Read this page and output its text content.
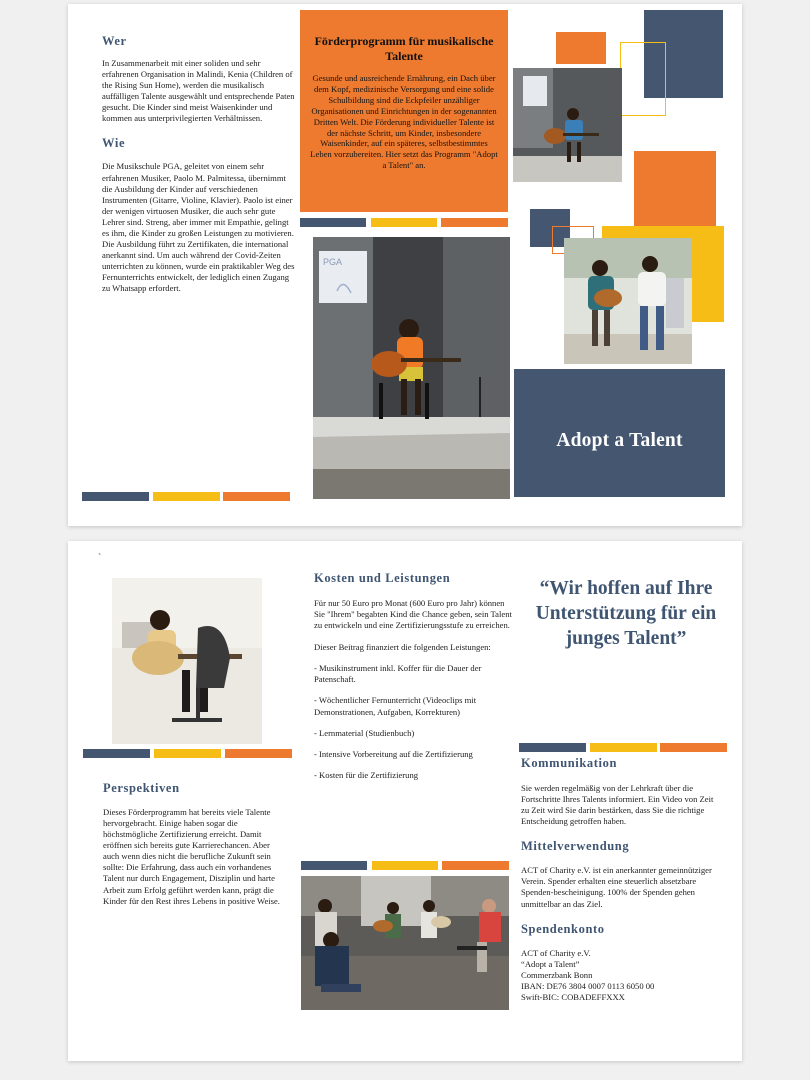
Wer

In Zusammenarbeit mit einer soliden und sehr erfahrenen Organisation in Malindi, Kenia (Children of the Rising Sun Home), werden die musikalisch auffälligen Talente ausgewählt und entsprechende Paten gesucht. Die Kinder sind meist Waisenkinder und kommen aus unterprivilegierten Verhältnissen.

Wie

Die Musikschule PGA, geleitet von einem sehr erfahrenen Musiker, Paolo M. Palmitessa, übernimmt die Ausbildung der Kinder auf verschiedenen Instrumenten (Gitarre, Violine, Klavier). Paolo ist einer der wenigen virtuosen Musiker, die auch sehr gute Lehrer sind. Streng, aber immer mit Empathie, gelingt es ihm, die Kinder zu großen Leistungen zu motivieren. Die Ausbildung führt zu Zertifikaten, die international anerkannt sind. Um auch während der Covid-Zeiten unterrichten zu können, wurde ein praktikabler Weg des Fernunterrichts entwickelt, der lediglich einen Zugang zu Whatsapp erfordert.

Förderprogramm für musikalische Talente
Gesunde und ausreichende Ernährung, ein Dach über dem Kopf, medizinische Versorgung und eine solide Schulbildung sind die Eckpfeiler unzähliger Organisationen und Einrichtungen in der sogenannten Dritten Welt. Die Förderung individueller Talente ist der nächste Schritt, um Kinder, insbesondere Waisenkinder, auf ein späteres, selbstbestimmtes Leben vorzubereiten. Hier setzt das Programm "Adopt a Talent" an.
PGA
Adopt a Talent
`
Perspektiven

Dieses Förderprogramm hat bereits viele Talente hervorgebracht. Einige haben sogar die höchstmögliche Zertifizierung erreicht. Damit eröffnen sich bereits gute Karrierechancen. Aber auch wenn dies nicht die berufliche Zukunft sein sollte: Die Erfahrung, dass auch ein vorhandenes Talent nur durch Engagement, Disziplin und harte Arbeit zum Erfolg geführt werden kann, prägt die Kinder für den Rest ihres Lebens in positive Weise.

Kosten und Leistungen

Für nur 50 Euro pro Monat (600 Euro pro Jahr) können Sie "Ihrem" begabten Kind die Chance geben, sein Talent zu entwickeln und eine Zertifizierungsstufe zu erreichen.

Dieser Beitrag finanziert die folgenden Leistungen:

- Musikinstrument inkl. Koffer für die Dauer der Patenschaft.

- Wöchentlicher Fernunterricht (Videoclips mit Demonstrationen, Aufgaben, Korrekturen)

- Lernmaterial (Studienbuch)

- Intensive Vorbereitung auf die Zertifizierung

- Kosten für die Zertifizierung

“Wir hoffen auf Ihre Unterstützung für ein junges Talent”
Kommunikation

Sie werden regelmäßig von der Lehrkraft über die Fortschritte Ihres Talents informiert. Ein Video von Zeit zu Zeit wird Sie darin bestärken, dass Sie die richtige Entscheidung getroffen haben.

Mittelverwendung

ACT of Charity e.V. ist ein anerkannter gemeinnütziger Verein. Spender erhalten eine steuerlich absetzbare Spenden-bescheinigung. 100% der Spenden gehen unmittelbar an das Ziel.

Spendenkonto

ACT of Charity e.V.

“Adopt a Talent”

Commerzbank Bonn

IBAN: DE76 3804 0007 0113 6050 00

Swift-BIC: COBADEFFXXX
